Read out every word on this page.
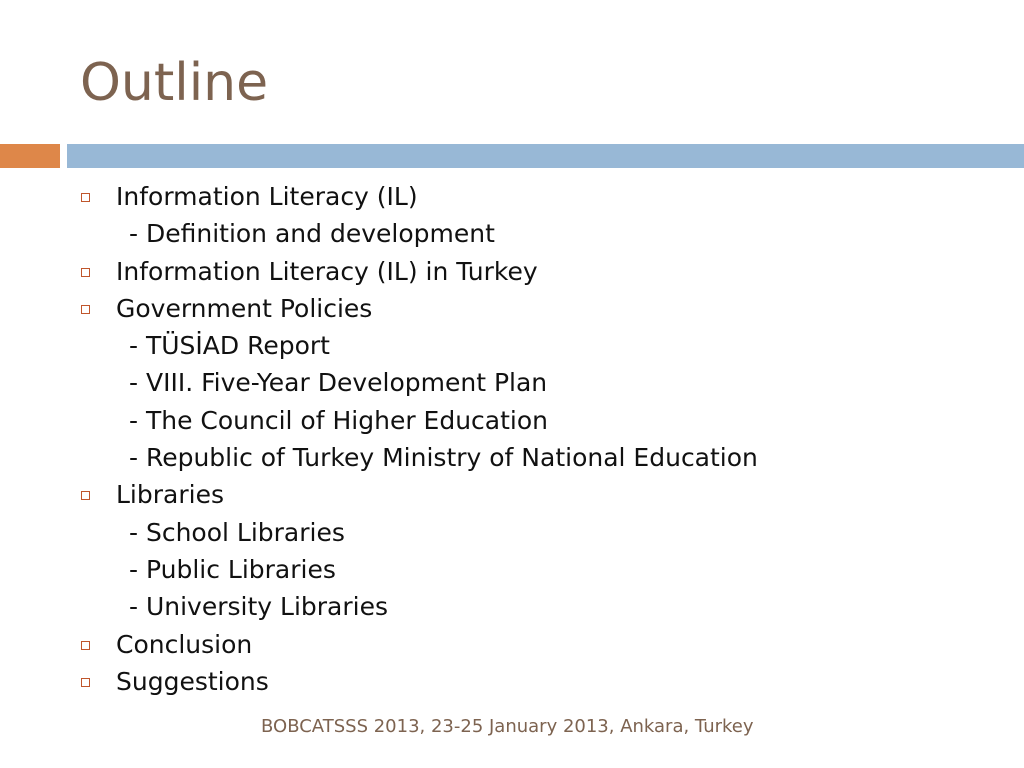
Outline
Information Literacy (IL)
- Definition and development
Information Literacy (IL) in Turkey
Government Policies
- TÜSİAD Report
- VIII. Five-Year Development Plan
- The Council of Higher Education
- Republic of Turkey Ministry of National Education
Libraries
- School Libraries
- Public Libraries
- University Libraries
Conclusion
Suggestions
BOBCATSSS 2013, 23-25 January 2013, Ankara, Turkey
